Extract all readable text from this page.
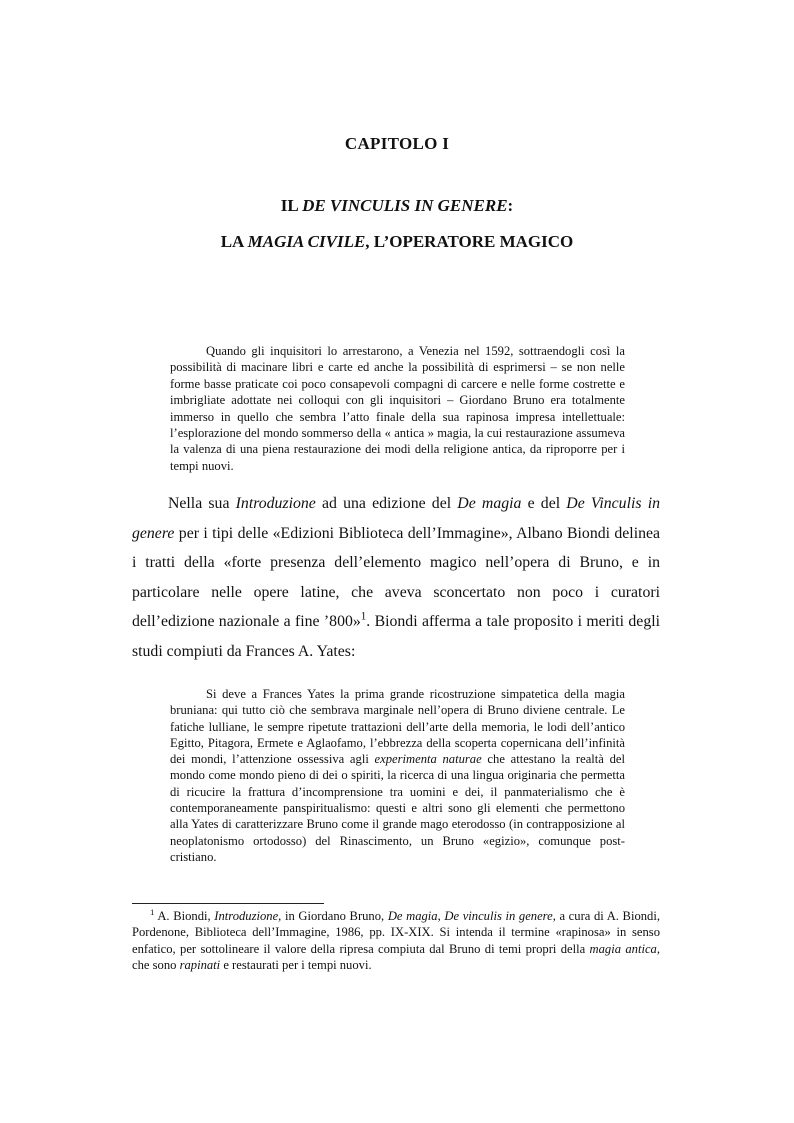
CAPITOLO I
IL DE VINCULIS IN GENERE:
LA MAGIA CIVILE, L’OPERATORE MAGICO
Quando gli inquisitori lo arrestarono, a Venezia nel 1592, sottraendogli così la possibilità di macinare libri e carte ed anche la possibilità di esprimersi – se non nelle forme basse praticate coi poco consapevoli compagni di carcere e nelle forme costrette e imbrigliate adottate nei colloqui con gli inquisitori – Giordano Bruno era totalmente immerso in quello che sembra l’atto finale della sua rapinosa impresa intellettuale: l’esplorazione del mondo sommerso della « antica » magia, la cui restaurazione assumeva la valenza di una piena restaurazione dei modi della religione antica, da riproporre per i tempi nuovi.
Nella sua Introduzione ad una edizione del De magia e del De Vinculis in genere per i tipi delle «Edizioni Biblioteca dell’Immagine», Albano Biondi delinea i tratti della «forte presenza dell’elemento magico nell’opera di Bruno, e in particolare nelle opere latine, che aveva sconcertato non poco i curatori dell’edizione nazionale a fine ’800»$^1$. Biondi afferma a tale proposito i meriti degli studi compiuti da Frances A. Yates:
Si deve a Frances Yates la prima grande ricostruzione simpatetica della magia bruniana: qui tutto ciò che sembrava marginale nell’opera di Bruno diviene centrale. Le fatiche lulliane, le sempre ripetute trattazioni dell’arte della memoria, le lodi dell’antico Egitto, Pitagora, Ermete e Aglaofamo, l’ebbrezza della scoperta copernicana dell’infinità dei mondi, l’attenzione ossessiva agli experimenta naturae che attestano la realtà del mondo come mondo pieno di dei o spiriti, la ricerca di una lingua originaria che permetta di ricucire la frattura d’incomprensione tra uomini e dei, il panmaterialismo che è contemporaneamente panspiritualismo: questi e altri sono gli elementi che permettono alla Yates di caratterizzare Bruno come il grande mago eterodosso (in contrapposizione al neoplatonismo ortodosso) del Rinascimento, un Bruno «egizio», comunque post-cristiano.
$^1$ A. Biondi, Introduzione, in Giordano Bruno, De magia, De vinculis in genere, a cura di A. Biondi, Pordenone, Biblioteca dell’Immagine, 1986, pp. IX-XIX. Si intenda il termine «rapinosa» in senso enfatico, per sottolineare il valore della ripresa compiuta dal Bruno di temi propri della magia antica, che sono rapinati e restaurati per i tempi nuovi.
